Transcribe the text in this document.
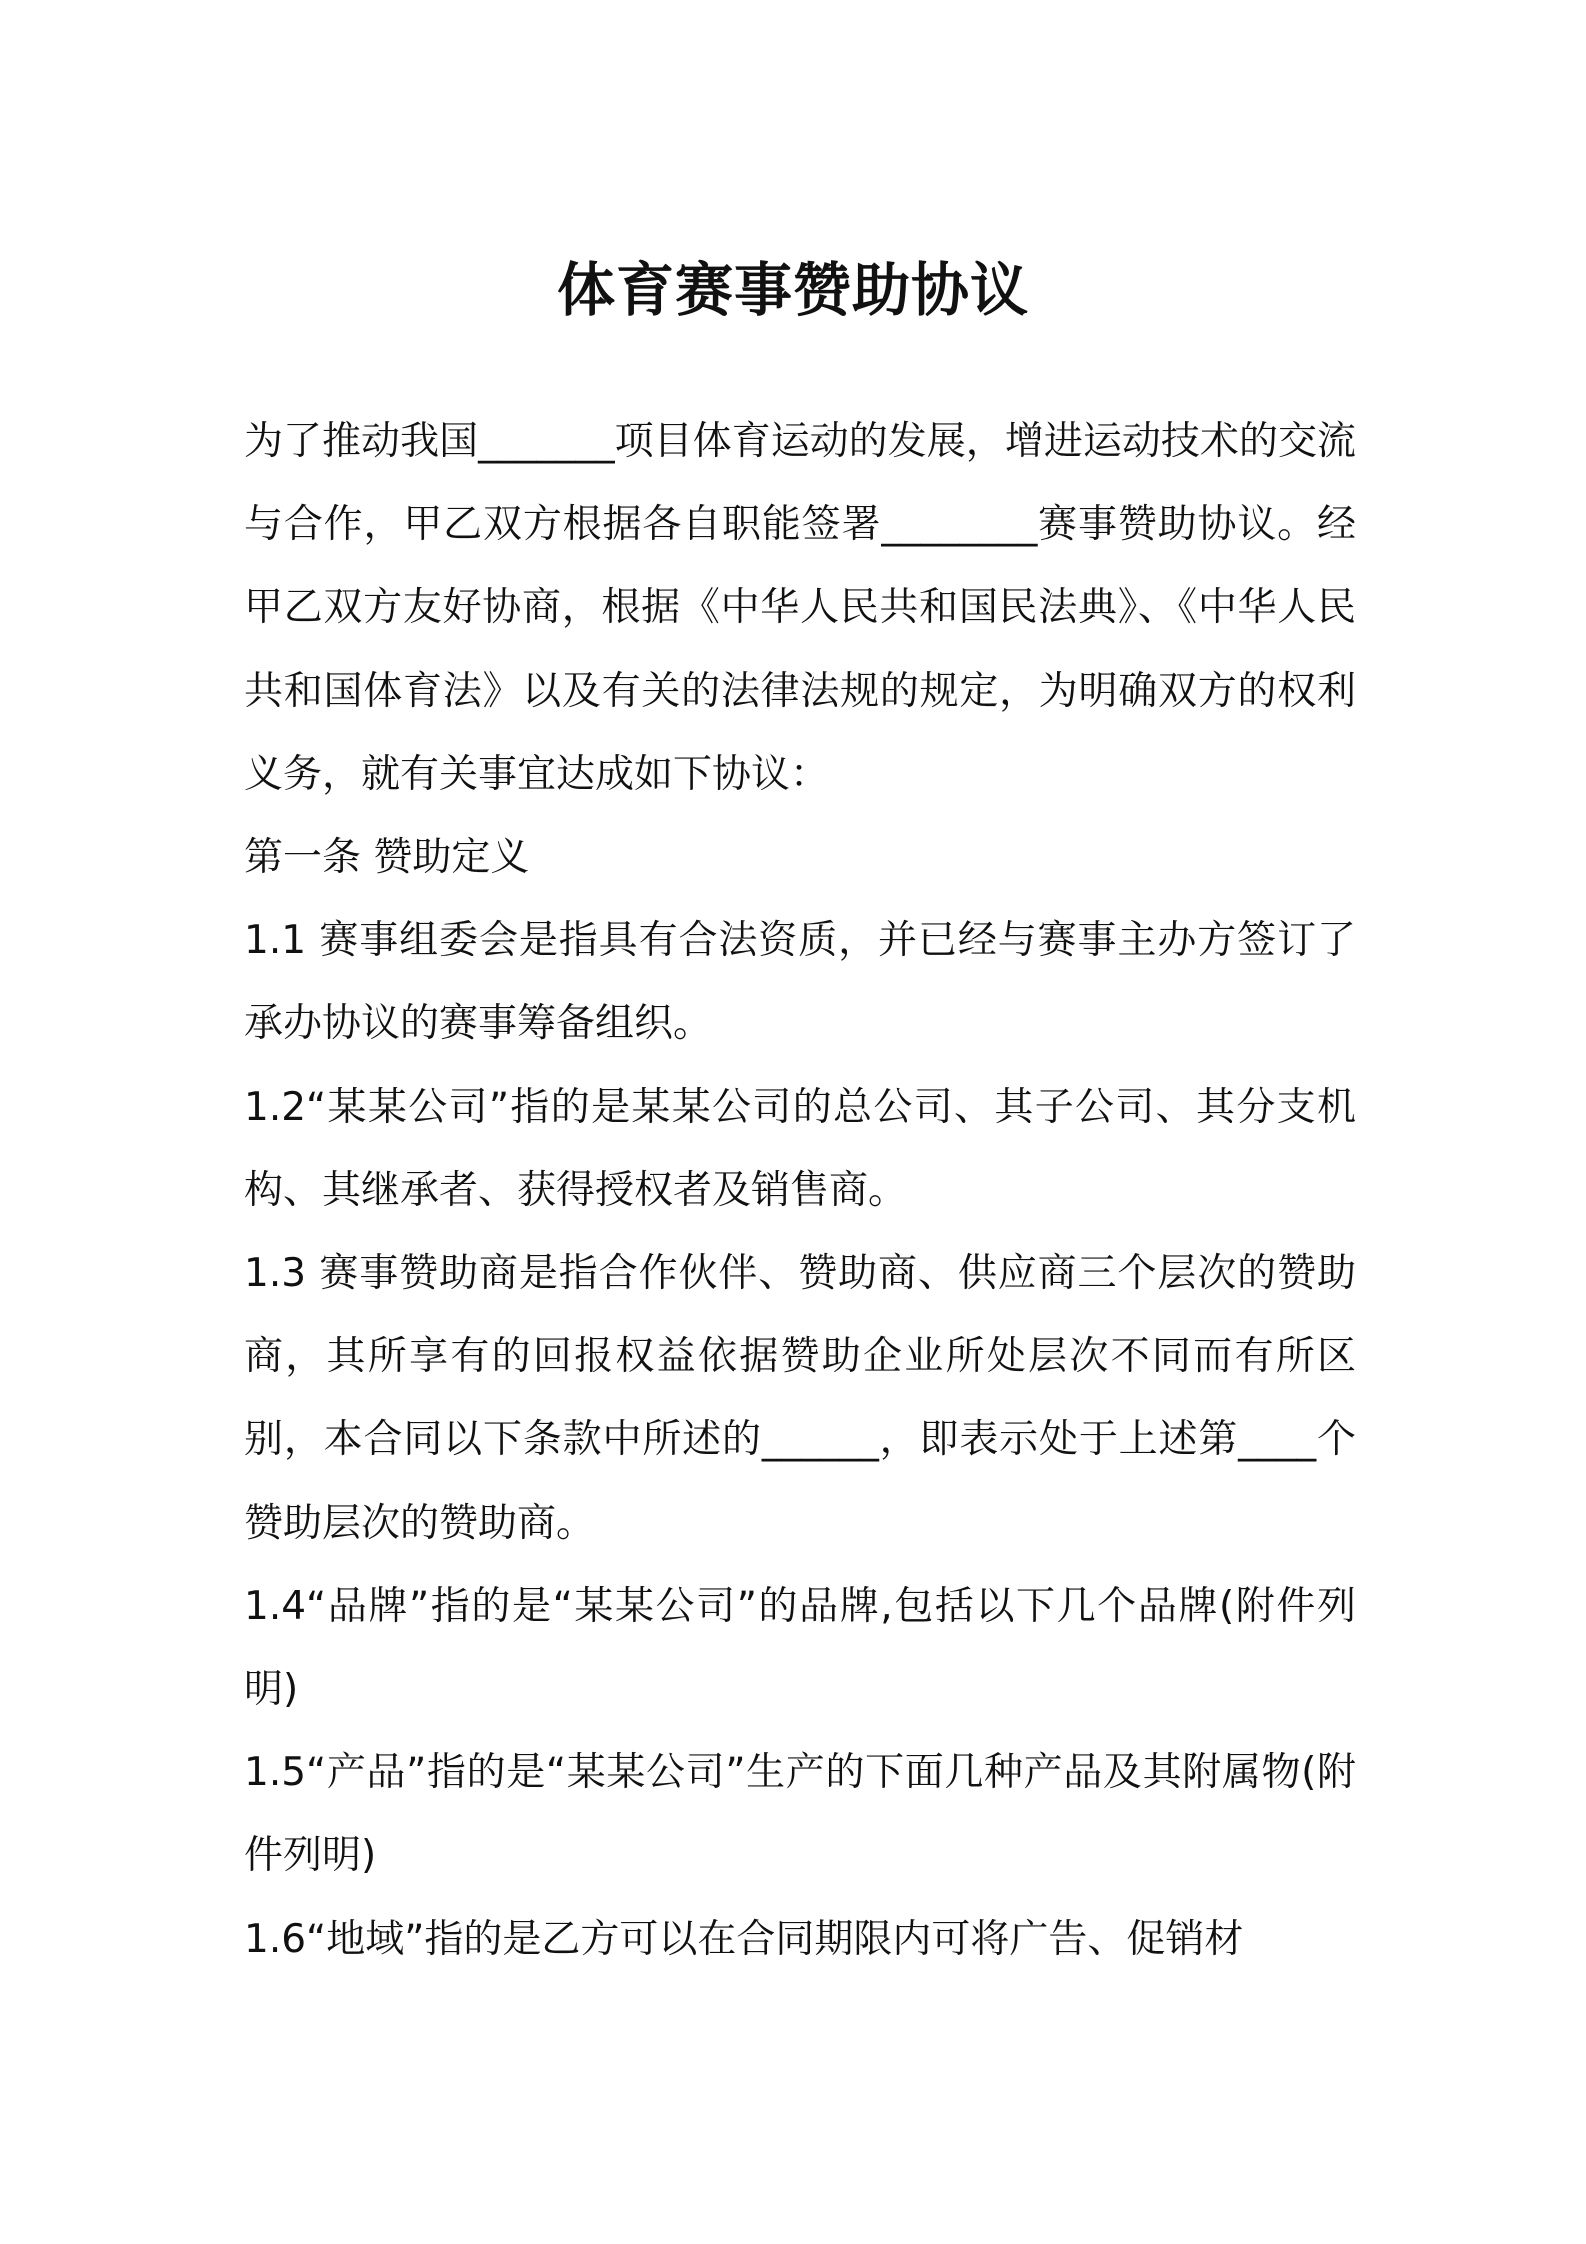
体育赛事赞助协议

为了推动我国_______项目体育运动的发展，增进运动技术的交流与合作，甲乙双方根据各自职能签署________赛事赞助协议。经甲乙双方友好协商，根据《中华人民共和国民法典》、《中华人民共和国体育法》以及有关的法律法规的规定，为明确双方的权利义务，就有关事宜达成如下协议：

第一条 赞助定义

1.1 赛事组委会是指具有合法资质，并已经与赛事主办方签订了承办协议的赛事筹备组织。

1.2“某某公司”指的是某某公司的总公司、其子公司、其分支机构、其继承者、获得授权者及销售商。

1.3 赛事赞助商是指合作伙伴、赞助商、供应商三个层次的赞助商，其所享有的回报权益依据赞助企业所处层次不同而有所区别，本合同以下条款中所述的______，即表示处于上述第____个赞助层次的赞助商。

1.4“品牌”指的是“某某公司”的品牌,包括以下几个品牌(附件列明)

1.5“产品”指的是“某某公司”生产的下面几种产品及其附属物(附件列明)

1.6“地域”指的是乙方可以在合同期限内可将广告、促销材
